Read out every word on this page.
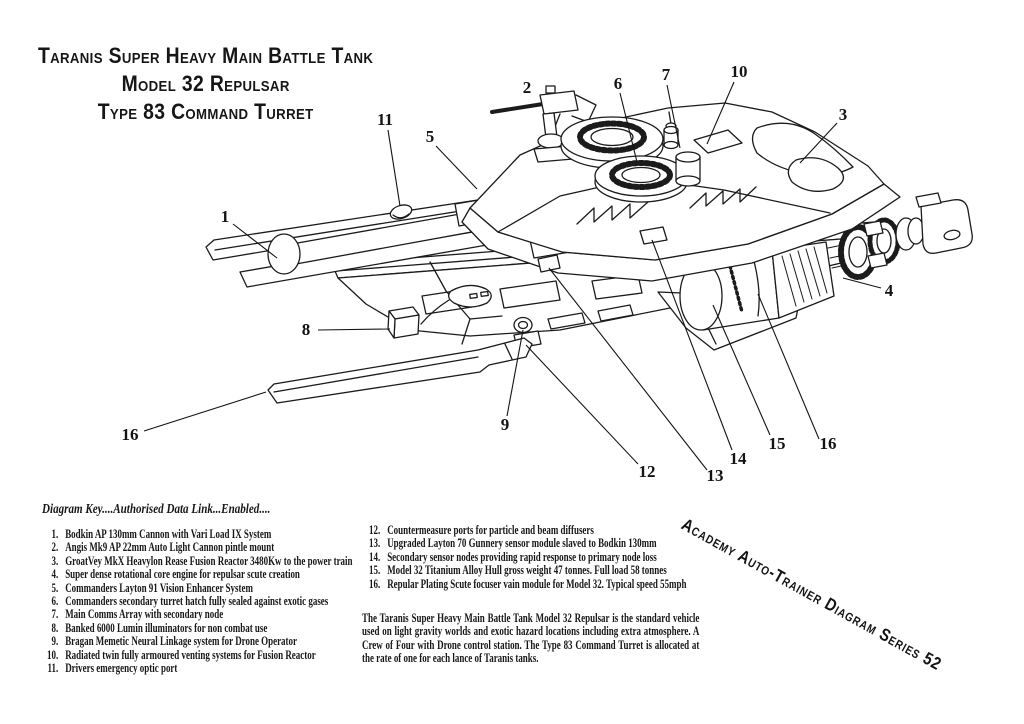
Taranis Super Heavy Main Battle Tank
Model 32 Repulsar
Type 83 Command Turret
1
2
3
4
5
6 7
8
9
10
11
12	13
14
15
16	16
Diagram Key....Authorised Data Link...Enabled....
1. Bodkin AP 130mm Cannon with Vari Load IX System
2. Angis Mk9 AP 22mm Auto Light Cannon pintle mount
3. GroatVey MkX Heavylon Rease Fusion Reactor 3480Kw to the power train
4. Super dense rotational core engine for repulsar scute creation
5. Commanders Layton 91 Vision Enhancer System
6. Commanders secondary turret hatch fully sealed against exotic gases
7. Main Comms Array with secondary node
8. Banked 6000 Lumin illuminators for non combat use
9. Bragan Memetic Neural Linkage system for Drone Operator
10. Radiated twin fully armoured venting systems for Fusion Reactor
11. Drivers emergency optic port
12. Countermeasure ports for particle and beam diffusers
13. Upgraded Layton 70 Gunnery sensor module slaved to Bodkin 130mm
14. Secondary sensor nodes providing rapid response to primary node loss
15. Model 32 Titanium Alloy Hull gross weight 47 tonnes. Full load 58 tonnes
16. Repular Plating Scute focuser vain module for Model 32. Typical speed 55mph
The Taranis Super Heavy Main Battle Tank Model 32 Repulsar is the standard vehicle used on light gravity worlds and exotic hazard locations including extra atmosphere. A Crew of Four with Drone control station. The Type 83 Command Turret is allocated at the rate of one for each lance of Taranis tanks.	Academy Auto-Trainer Diagram Series 52
